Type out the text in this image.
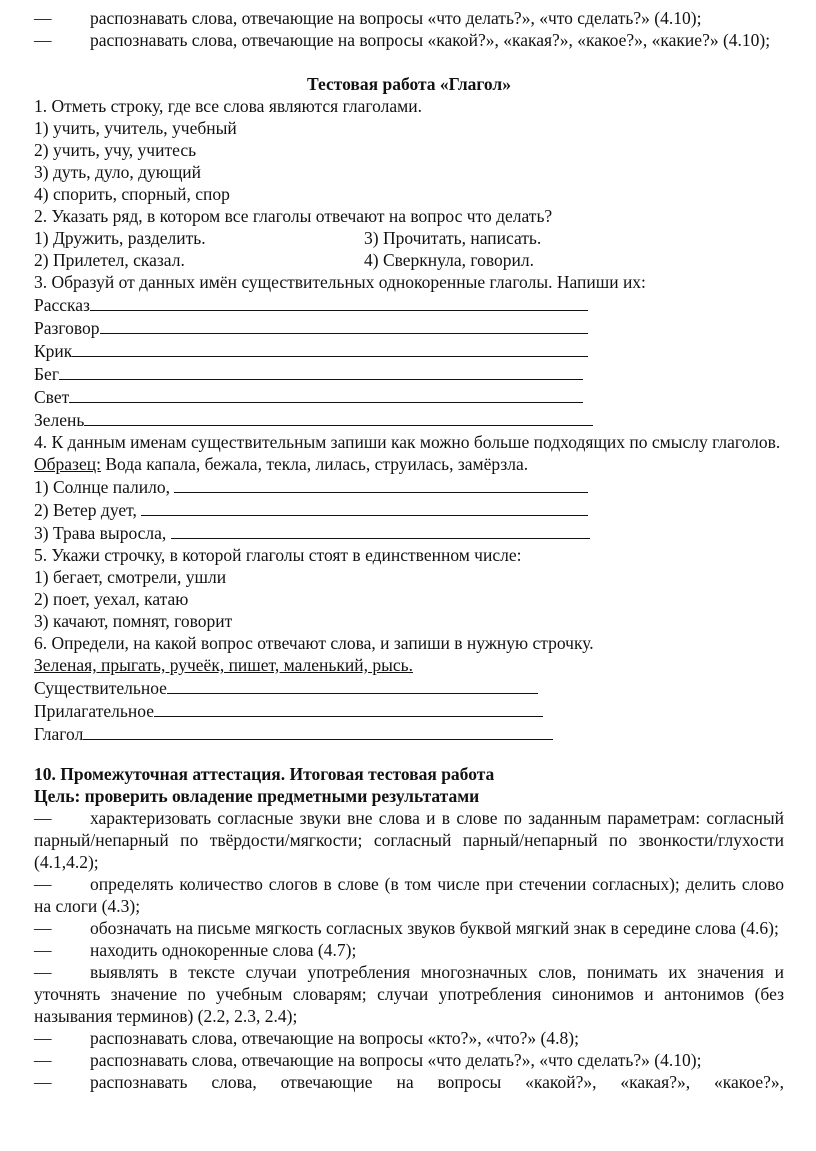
— распознавать слова, отвечающие на вопросы «что делать?», «что сделать?» (4.10);

— распознавать слова, отвечающие на вопросы «какой?», «какая?», «какое?», «какие?» (4.10);

Тестовая работа «Глагол»

1. Отметь строку, где все слова являются глаголами.

1) учить, учитель, учебный

2) учить, учу, учитесь

3) дуть, дуло, дующий

4) спорить, спорный, спор

2. Указать ряд, в котором все глаголы отвечают на вопрос что делать?

1) Дружить, разделить.	3) Прочитать, написать.

2) Прилетел, сказал.	4) Сверкнула, говорил.

3. Образуй от данных имён существительных однокоренные глаголы. Напиши их:

Рассказ

Разговор

Крик

Бег

Свет

Зелень

4. К данным именам существительным запиши как можно больше подходящих по смыслу глаголов.

Образец: Вода капала, бежала, текла, лилась, струилась, замёрзла.

1) Солнце палило,

2) Ветер дует,

3) Трава выросла,

5. Укажи строчку, в которой глаголы стоят в единственном числе:

1) бегает, смотрели, ушли

2) поет, уехал, катаю

3) качают, помнят, говорит

6. Определи, на какой вопрос отвечают слова, и запиши в нужную строчку.

Зеленая, прыгать, ручеёк, пишет, маленький, рысь.

Существительное

Прилагательное

Глагол

10. Промежуточная аттестация. Итоговая тестовая работа

Цель: проверить овладение предметными результатами

— характеризовать согласные звуки вне слова и в слове по заданным параметрам: согласный парный/непарный по твёрдости/мягкости; согласный парный/непарный по звонкости/глухости (4.1,4.2);

— определять количество слогов в слове (в том числе при стечении согласных); делить слово на слоги (4.3);

— обозначать на письме мягкость согласных звуков буквой мягкий знак в середине слова (4.6);

— находить однокоренные слова (4.7);

— выявлять в тексте случаи употребления многозначных слов, понимать их значения и уточнять значение по учебным словарям; случаи употребления синонимов и антонимов (без называния терминов) (2.2, 2.3, 2.4);

— распознавать слова, отвечающие на вопросы «кто?», «что?» (4.8);

— распознавать слова, отвечающие на вопросы «что делать?», «что сделать?» (4.10);

— распознавать слова, отвечающие на вопросы «какой?», «какая?», «какое?»,
